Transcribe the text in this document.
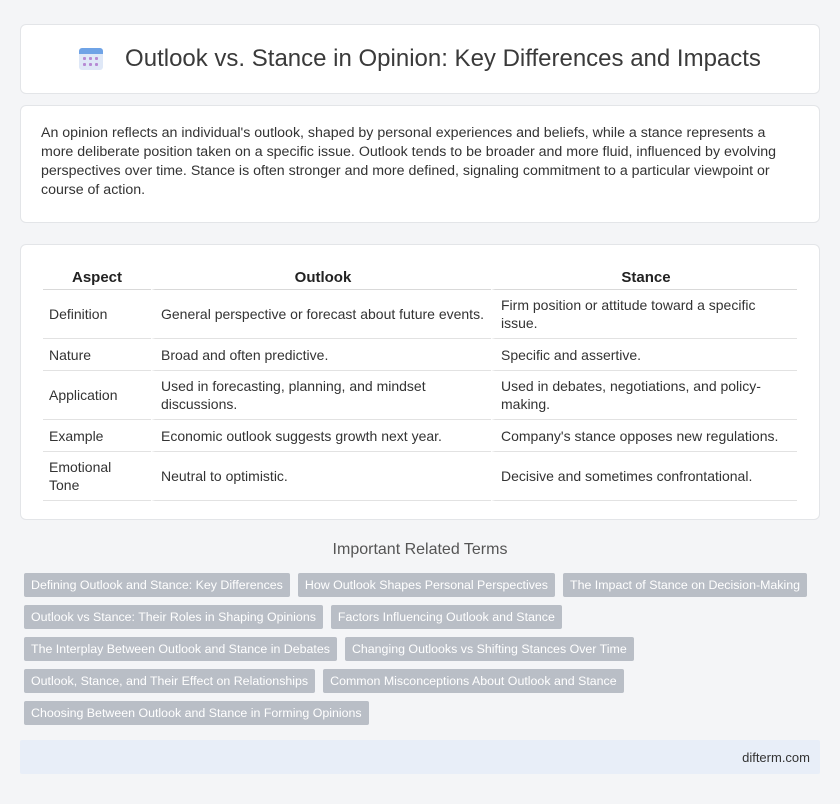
Outlook vs. Stance in Opinion: Key Differences and Impacts

An opinion reflects an individual's outlook, shaped by personal experiences and beliefs, while a stance represents a more deliberate position taken on a specific issue. Outlook tends to be broader and more fluid, influenced by evolving perspectives over time. Stance is often stronger and more defined, signaling commitment to a particular viewpoint or course of action.

Aspect	Outlook	Stance
Definition	General perspective or forecast about future events.	Firm position or attitude toward a specific issue.
Nature	Broad and often predictive.	Specific and assertive.
Application	Used in forecasting, planning, and mindset discussions.	Used in debates, negotiations, and policy-making.
Example	Economic outlook suggests growth next year.	Company's stance opposes new regulations.
Emotional Tone	Neutral to optimistic.	Decisive and sometimes confrontational.
Important Related Terms
Defining Outlook and Stance: Key Differences	How Outlook Shapes Personal Perspectives	The Impact of Stance on Decision-Making
Outlook vs Stance: Their Roles in Shaping Opinions	Factors Influencing Outlook and Stance
The Interplay Between Outlook and Stance in Debates	Changing Outlooks vs Shifting Stances Over Time
Outlook, Stance, and Their Effect on Relationships	Common Misconceptions About Outlook and Stance
Choosing Between Outlook and Stance in Forming Opinions
difterm.com
